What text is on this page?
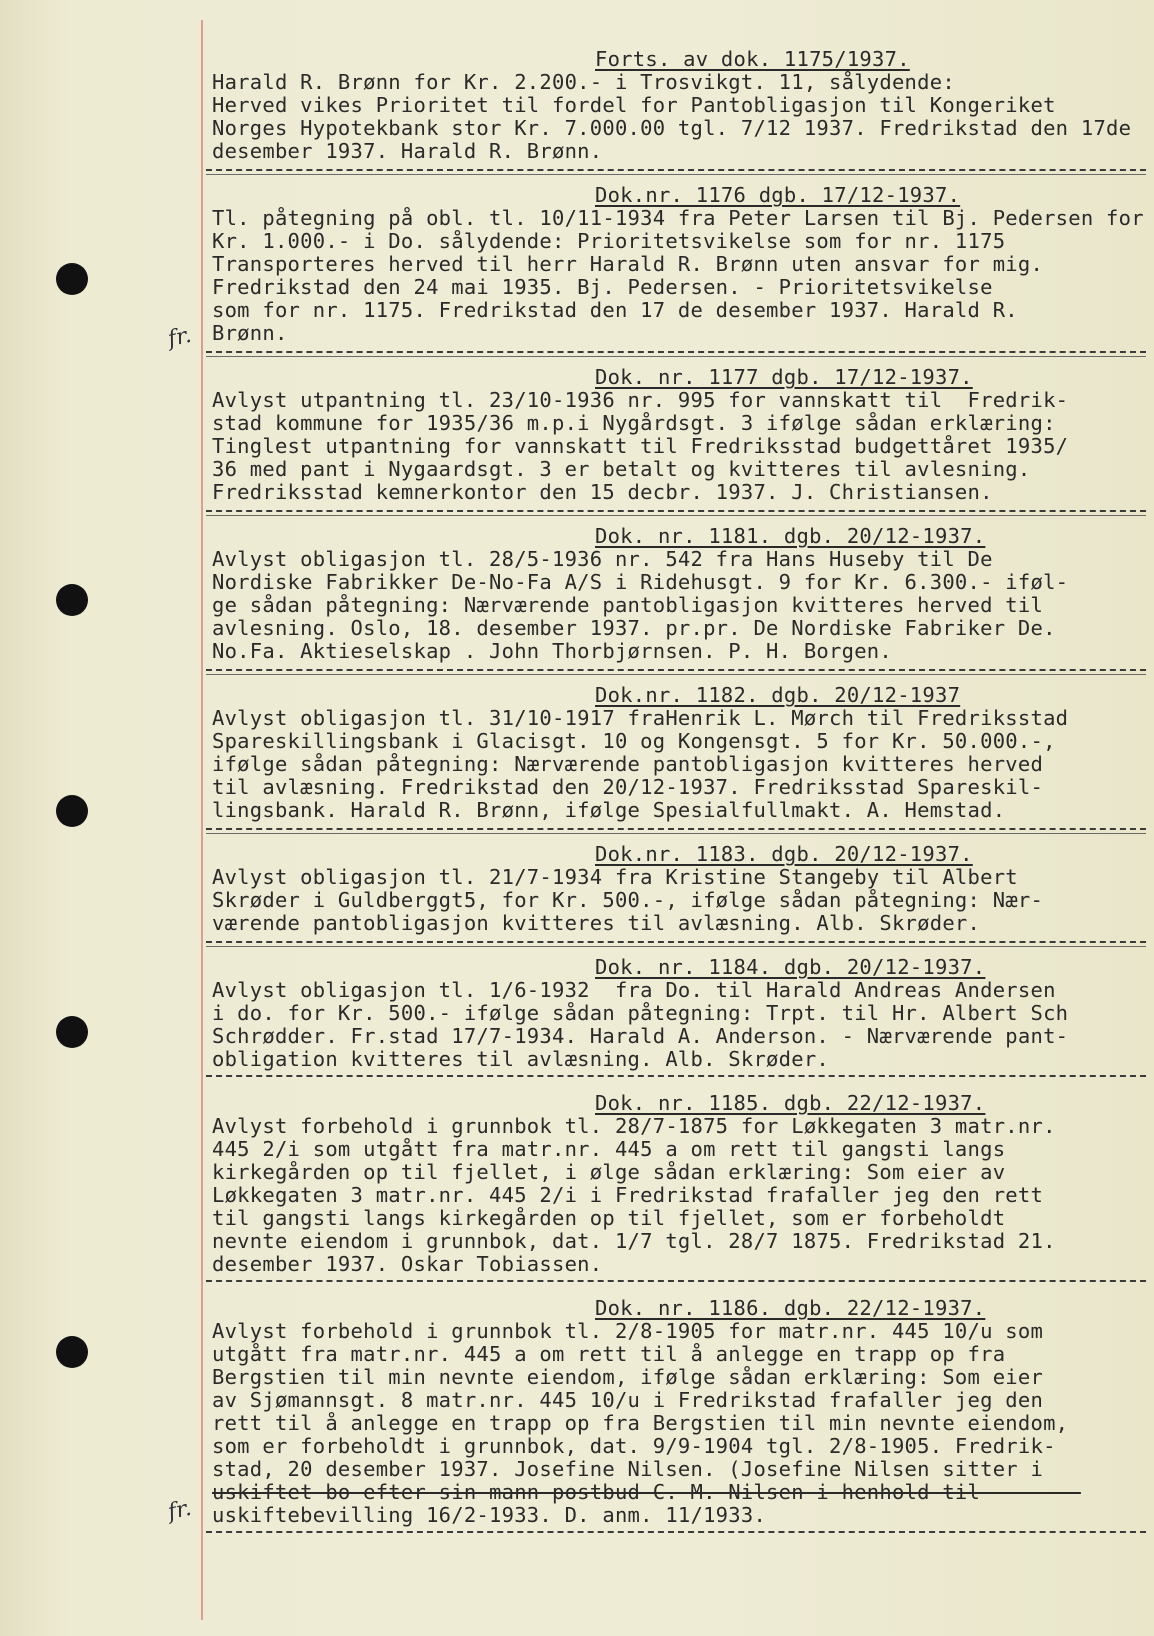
fr.
fr.
Forts. av dok. 1175/1937.
Harald R. Brønn for Kr. 2.200.- i Trosvikgt. 11, sålydende:
Herved vikes Prioritet til fordel for Pantobligasjon til Kongeriket
Norges Hypotekbank stor Kr. 7.000.00 tgl. 7/12 1937. Fredrikstad den 17de
desember 1937. Harald R. Brønn.
Dok.nr. 1176 dgb. 17/12-1937.
Tl. påtegning på obl. tl. 10/11-1934 fra Peter Larsen til Bj. Pedersen for
Kr. 1.000.- i Do. sålydende: Prioritetsvikelse som for nr. 1175
Transporteres herved til herr Harald R. Brønn uten ansvar for mig.
Fredrikstad den 24 mai 1935. Bj. Pedersen. - Prioritetsvikelse
som for nr. 1175. Fredrikstad den 17 de desember 1937. Harald R.
Brønn.
Dok. nr. 1177 dgb. 17/12-1937.
Avlyst utpantning tl. 23/10-1936 nr. 995 for vannskatt til  Fredrik-
stad kommune for 1935/36 m.p.i Nygårdsgt. 3 ifølge sådan erklæring:
Tinglest utpantning for vannskatt til Fredriksstad budgettåret 1935/
36 med pant i Nygaardsgt. 3 er betalt og kvitteres til avlesning.
Fredriksstad kemnerkontor den 15 decbr. 1937. J. Christiansen.
Dok. nr. 1181. dgb. 20/12-1937.
Avlyst obligasjon tl. 28/5-1936 nr. 542 fra Hans Huseby til De
Nordiske Fabrikker De-No-Fa A/S i Ridehusgt. 9 for Kr. 6.300.- iføl-
ge sådan påtegning: Nærværende pantobligasjon kvitteres herved til
avlesning. Oslo, 18. desember 1937. pr.pr. De Nordiske Fabriker De.
No.Fa. Aktieselskap . John Thorbjørnsen. P. H. Borgen.
Dok.nr. 1182. dgb. 20/12-1937
Avlyst obligasjon tl. 31/10-1917 fraHenrik L. Mørch til Fredriksstad
Spareskillingsbank i Glacisgt. 10 og Kongensgt. 5 for Kr. 50.000.-,
ifølge sådan påtegning: Nærværende pantobligasjon kvitteres herved
til avlæsning. Fredrikstad den 20/12-1937. Fredriksstad Spareskil-
lingsbank. Harald R. Brønn, ifølge Spesialfullmakt. A. Hemstad.
Dok.nr. 1183. dgb. 20/12-1937.
Avlyst obligasjon tl. 21/7-1934 fra Kristine Stangeby til Albert
Skrøder i Guldberggt5, for Kr. 500.-, ifølge sådan påtegning: Nær-
værende pantobligasjon kvitteres til avlæsning. Alb. Skrøder.
Dok. nr. 1184. dgb. 20/12-1937.
Avlyst obligasjon tl. 1/6-1932  fra Do. til Harald Andreas Andersen
i do. for Kr. 500.- ifølge sådan påtegning: Trpt. til Hr. Albert Sch
Schrødder. Fr.stad 17/7-1934. Harald A. Anderson. - Nærværende pant-
obligation kvitteres til avlæsning. Alb. Skrøder.
Dok. nr. 1185. dgb. 22/12-1937.
Avlyst forbehold i grunnbok tl. 28/7-1875 for Løkkegaten 3 matr.nr.
445 2/i som utgått fra matr.nr. 445 a om rett til gangsti langs
kirkegården op til fjellet, i ølge sådan erklæring: Som eier av
Løkkegaten 3 matr.nr. 445 2/i i Fredrikstad frafaller jeg den rett
til gangsti langs kirkegården op til fjellet, som er forbeholdt
nevnte eiendom i grunnbok, dat. 1/7 tgl. 28/7 1875. Fredrikstad 21.
desember 1937. Oskar Tobiassen.
Dok. nr. 1186. dgb. 22/12-1937.
Avlyst forbehold i grunnbok tl. 2/8-1905 for matr.nr. 445 10/u som
utgått fra matr.nr. 445 a om rett til å anlegge en trapp op fra
Bergstien til min nevnte eiendom, ifølge sådan erklæring: Som eier
av Sjømannsgt. 8 matr.nr. 445 10/u i Fredrikstad frafaller jeg den
rett til å anlegge en trapp op fra Bergstien til min nevnte eiendom,
som er forbeholdt i grunnbok, dat. 9/9-1904 tgl. 2/8-1905. Fredrik-
stad, 20 desember 1937. Josefine Nilsen. (Josefine Nilsen sitter i
uskiftet bo efter sin mann postbud C. M. Nilsen i henhold til--------
uskiftebevilling 16/2-1933. D. anm. 11/1933.
